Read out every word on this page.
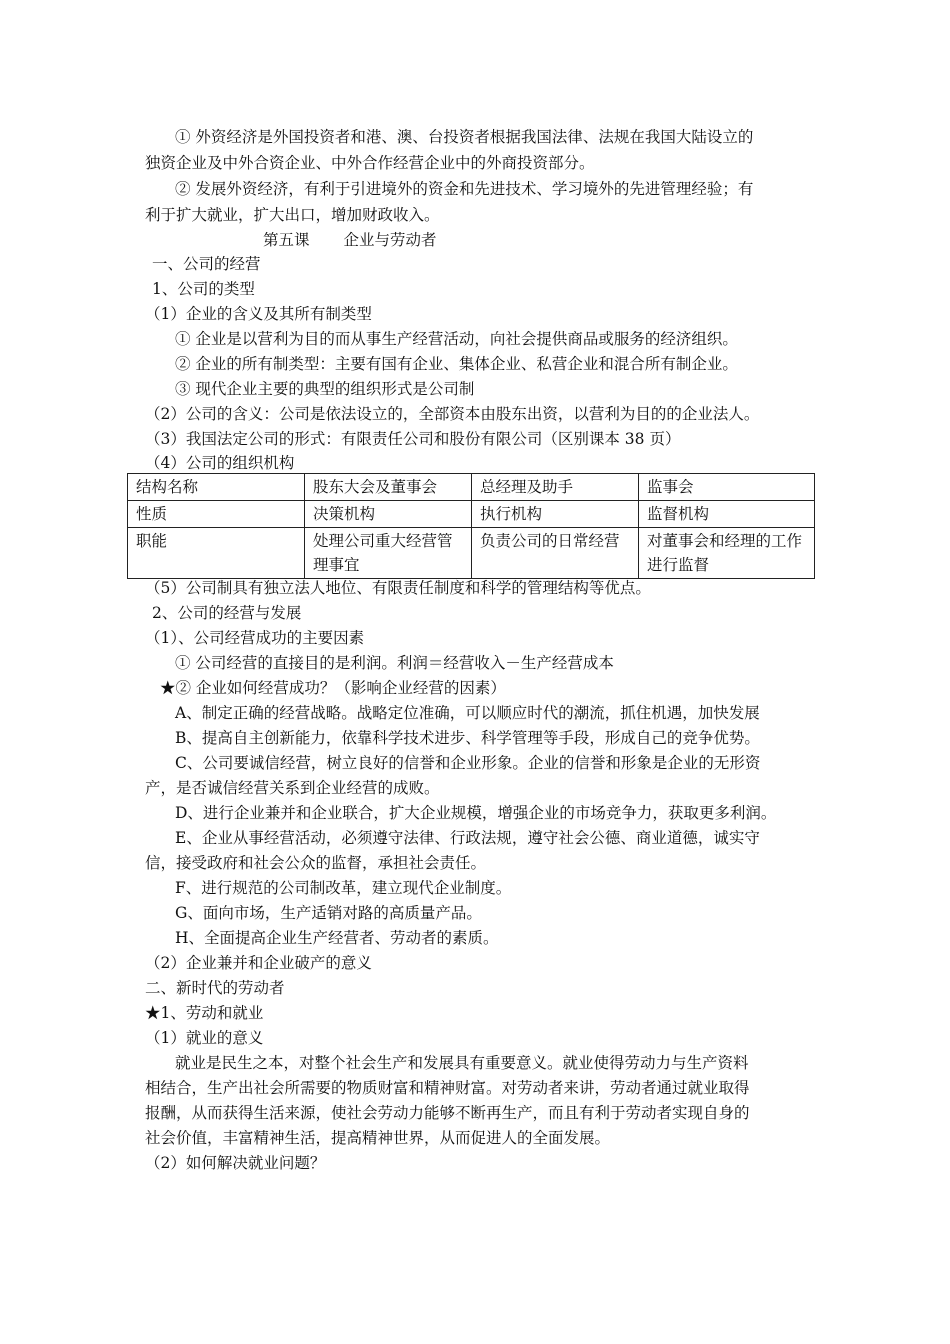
① 外资经济是外国投资者和港、澳、台投资者根据我国法律、法规在我国大陆设立的
独资企业及中外合资企业、中外合作经营企业中的外商投资部分。
② 发展外资经济，有利于引进境外的资金和先进技术、学习境外的先进管理经验；有
利于扩大就业，扩大出口，增加财政收入。
第五课 企业与劳动者
一、公司的经营
1、公司的类型
（1）企业的含义及其所有制类型
① 企业是以营利为目的而从事生产经营活动，向社会提供商品或服务的经济组织。
② 企业的所有制类型：主要有国有企业、集体企业、私营企业和混合所有制企业。
③ 现代企业主要的典型的组织形式是公司制
（2）公司的含义：公司是依法设立的，全部资本由股东出资，以营利为目的的企业法人。
（3）我国法定公司的形式：有限责任公司和股份有限公司（区别课本 38 页）
（4）公司的组织机构
结构名称	股东大会及董事会	总经理及助手	监事会
性质	决策机构	执行机构	监督机构
职能	处理公司重大经营管理事宜	负责公司的日常经营	对董事会和经理的工作进行监督
（5）公司制具有独立法人地位、有限责任制度和科学的管理结构等优点。
2、公司的经营与发展
（1）、公司经营成功的主要因素
① 公司经营的直接目的是利润。利润＝经营收入－生产经营成本
★② 企业如何经营成功？（影响企业经营的因素）
A、制定正确的经营战略。战略定位准确，可以顺应时代的潮流，抓住机遇，加快发展
B、提高自主创新能力，依靠科学技术进步、科学管理等手段，形成自己的竞争优势。
C、公司要诚信经营，树立良好的信誉和企业形象。企业的信誉和形象是企业的无形资
产，是否诚信经营关系到企业经营的成败。
D、进行企业兼并和企业联合，扩大企业规模，增强企业的市场竞争力，获取更多利润。
E、企业从事经营活动，必须遵守法律、行政法规，遵守社会公德、商业道德，诚实守
信，接受政府和社会公众的监督，承担社会责任。
F、进行规范的公司制改革，建立现代企业制度。
G、面向市场，生产适销对路的高质量产品。
H、全面提高企业生产经营者、劳动者的素质。
（2）企业兼并和企业破产的意义
二、新时代的劳动者
★1、劳动和就业
（1）就业的意义
就业是民生之本，对整个社会生产和发展具有重要意义。就业使得劳动力与生产资料
相结合，生产出社会所需要的物质财富和精神财富。对劳动者来讲，劳动者通过就业取得
报酬，从而获得生活来源，使社会劳动力能够不断再生产，而且有利于劳动者实现自身的
社会价值，丰富精神生活，提高精神世界，从而促进人的全面发展。
（2）如何解决就业问题？
